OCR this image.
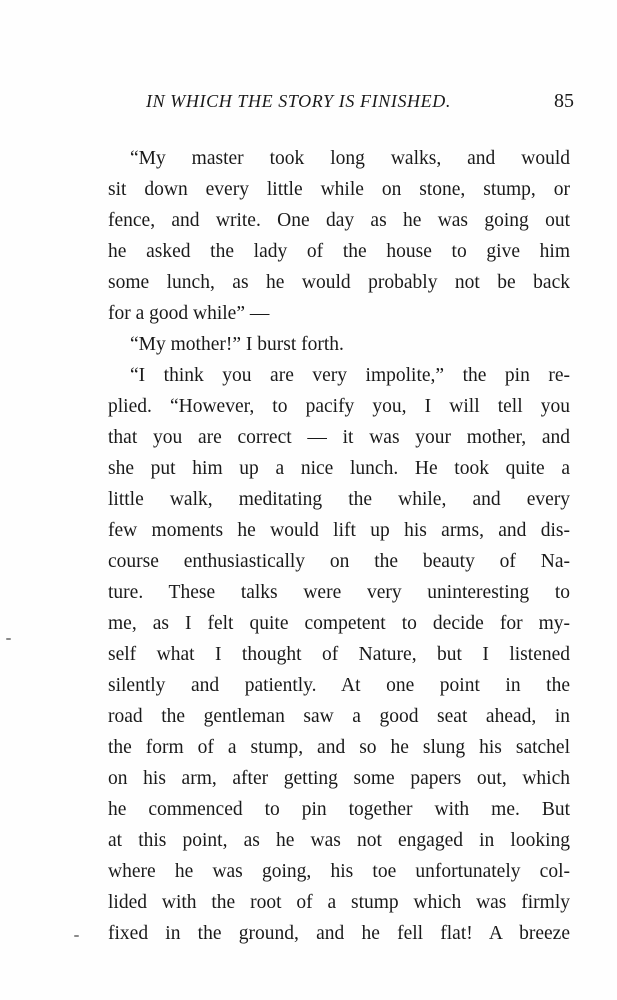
IN WHICH THE STORY IS FINISHED.	85
“My master took long walks, and would
sit down every little while on stone, stump, or
fence, and write. One day as he was going out
he asked the lady of the house to give him
some lunch, as he would probably not be back
for a good while” —
“My mother!” I burst forth.
“I think you are very impolite,” the pin re-
plied. “However, to pacify you, I will tell you
that you are correct — it was your mother, and
she put him up a nice lunch. He took quite a
little walk, meditating the while, and every
few moments he would lift up his arms, and dis-
course enthusiastically on the beauty of Na-
ture. These talks were very uninteresting to
me, as I felt quite competent to decide for my-
self what I thought of Nature, but I listened
silently and patiently. At one point in the
road the gentleman saw a good seat ahead, in
the form of a stump, and so he slung his satchel
on his arm, after getting some papers out, which
he commenced to pin together with me. But
at this point, as he was not engaged in looking
where he was going, his toe unfortunately col-
lided with the root of a stump which was firmly
fixed in the ground, and he fell flat! A breeze
